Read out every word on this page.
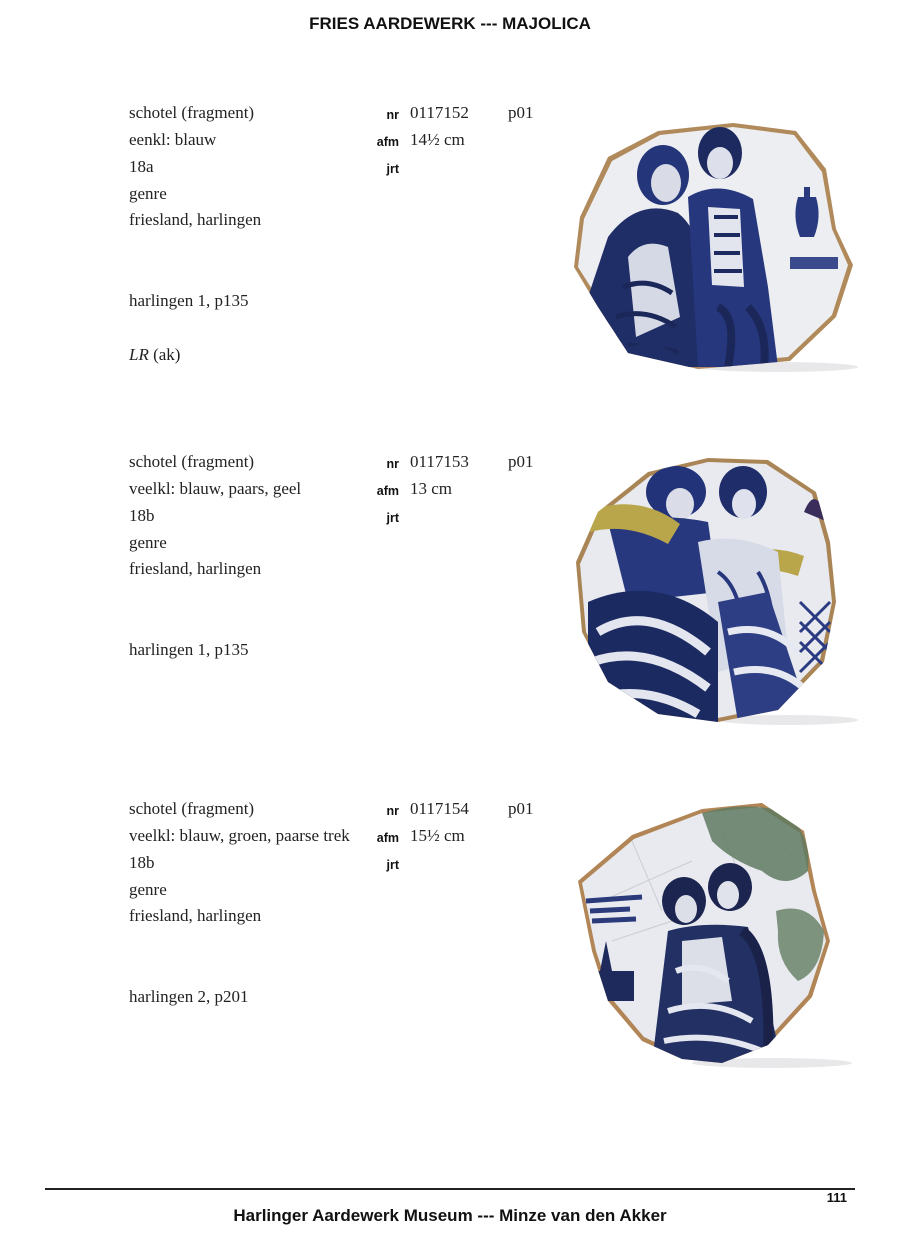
FRIES AARDEWERK --- MAJOLICA
schotel (fragment)
eenkl: blauw
18a
genre
friesland, harlingen
harlingen 1, p135
LR (ak)
nr 0117152 p01
afm 14½ cm
jrt
schotel (fragment)
veelkl: blauw, paars, geel
18b
genre
friesland, harlingen
harlingen 1, p135
nr 0117153 p01
afm 13 cm
jrt
schotel (fragment)
veelkl: blauw, groen, paarse trek
18b
genre
friesland, harlingen
harlingen 2, p201
nr 0117154 p01
afm 15½ cm
jrt
111
Harlinger Aardewerk Museum --- Minze van den Akker
